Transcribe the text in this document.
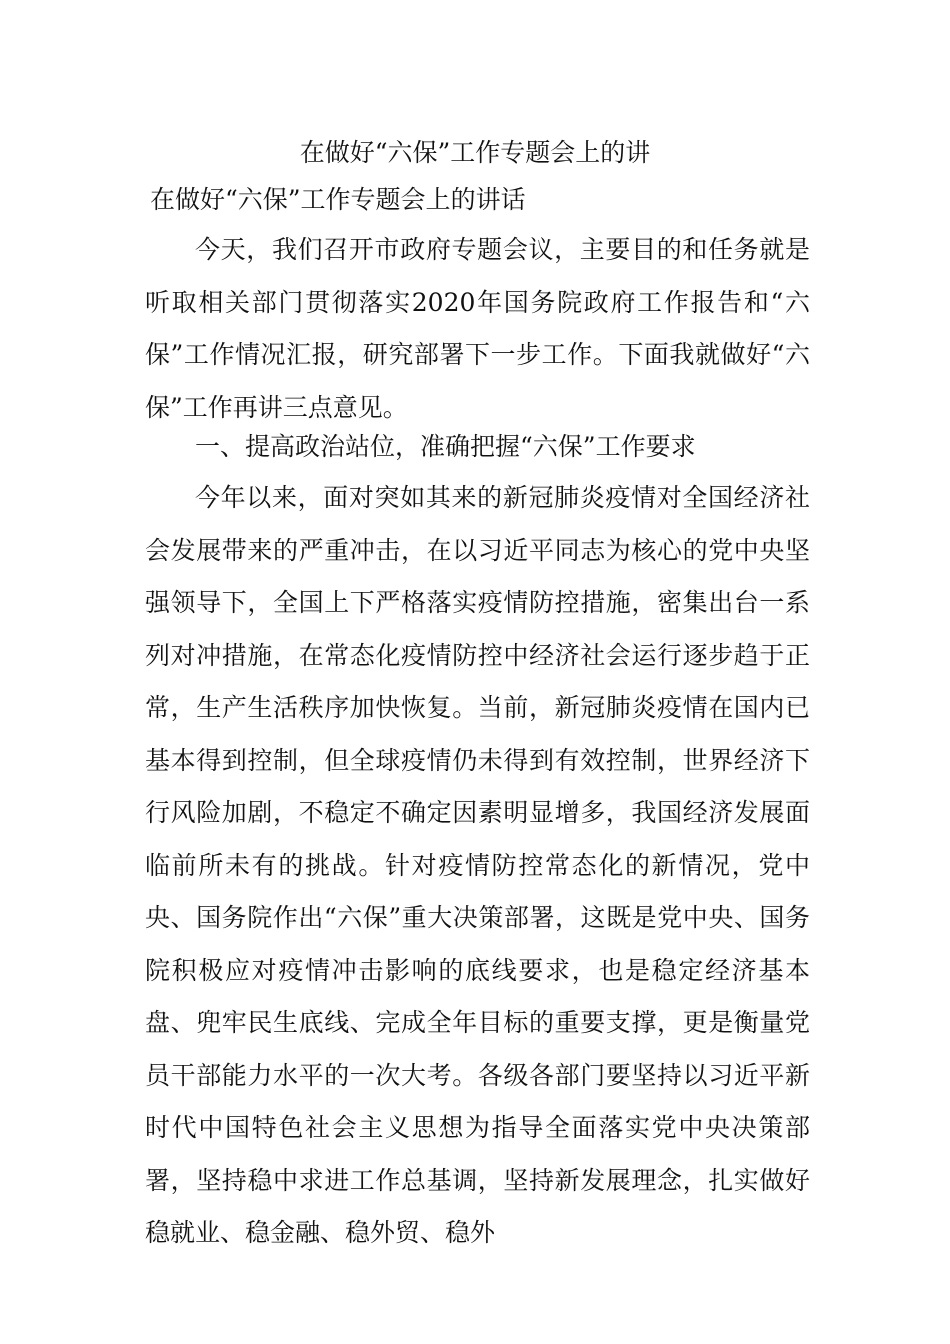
在做好“六保”工作专题会上的讲
在做好“六保”工作专题会上的讲话

今天，我们召开市政府专题会议，主要目的和任务就是听取相关部门贯彻落实2020年国务院政府工作报告和“六保”工作情况汇报，研究部署下一步工作。下面我就做好“六保”工作再讲三点意见。

一、提高政治站位，准确把握“六保”工作要求

今年以来，面对突如其来的新冠肺炎疫情对全国经济社会发展带来的严重冲击，在以习近平同志为核心的党中央坚强领导下，全国上下严格落实疫情防控措施，密集出台一系列对冲措施，在常态化疫情防控中经济社会运行逐步趋于正常，生产生活秩序加快恢复。当前，新冠肺炎疫情在国内已基本得到控制，但全球疫情仍未得到有效控制，世界经济下行风险加剧，不稳定不确定因素明显增多，我国经济发展面临前所未有的挑战。针对疫情防控常态化的新情况，党中央、国务院作出“六保”重大决策部署，这既是党中央、国务院积极应对疫情冲击影响的底线要求，也是稳定经济基本盘、兜牢民生底线、完成全年目标的重要支撑，更是衡量党员干部能力水平的一次大考。各级各部门要坚持以习近平新时代中国特色社会主义思想为指导全面落实党中央决策部署，坚持稳中求进工作总基调，坚持新发展理念，扎实做好稳就业、稳金融、稳外贸、稳外
